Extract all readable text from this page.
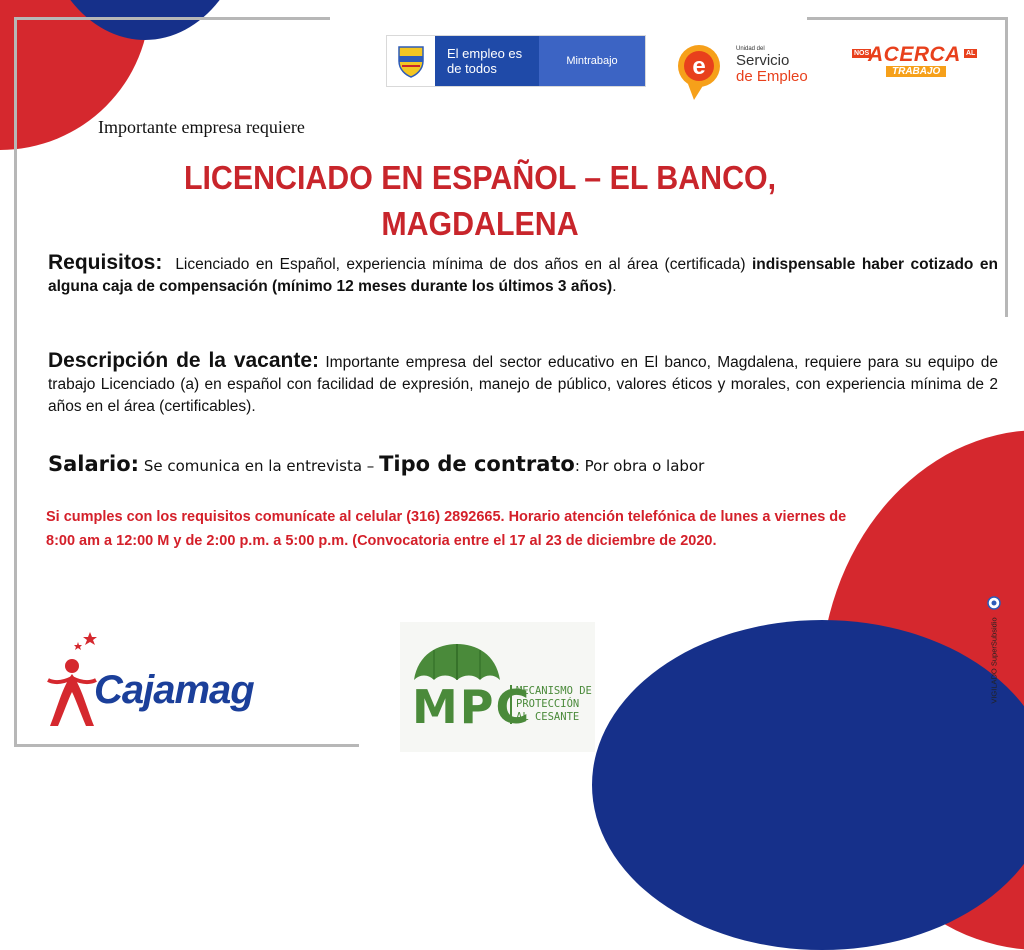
El empleo es de todos	Mintrabajo	e
Unidad del
Servicio
de Empleo
NOS
ACERCA AL
TRABAJO
Importante empresa requiere
LICENCIADO EN ESPAÑOL – EL BANCO, MAGDALENA
Requisitos: Licenciado en Español, experiencia mínima de dos años en al área (certificada) indispensable haber cotizado en alguna caja de compensación (mínimo 12 meses durante los últimos 3 años).
Descripción de la vacante: Importante empresa del sector educativo en El banco, Magdalena, requiere para su equipo de trabajo Licenciado (a) en español con facilidad de expresión, manejo de público, valores éticos y morales, con experiencia mínima de 2 años en el área (certificables).
Salario: Se comunica en la entrevista – Tipo de contrato: Por obra o labor
Si cumples con los requisitos comunícate al celular (316) 2892665. Horario atención telefónica de lunes a viernes de 8:00 am a 12:00 M y de 2:00 p.m. a 5:00 p.m. (Convocatoria entre el 17 al 23 de diciembre de 2020.
Cajamag	MPC
MECANISMO DE
PROTECCIÓN
AL CESANTE
VIGILADO SuperSubsidio
